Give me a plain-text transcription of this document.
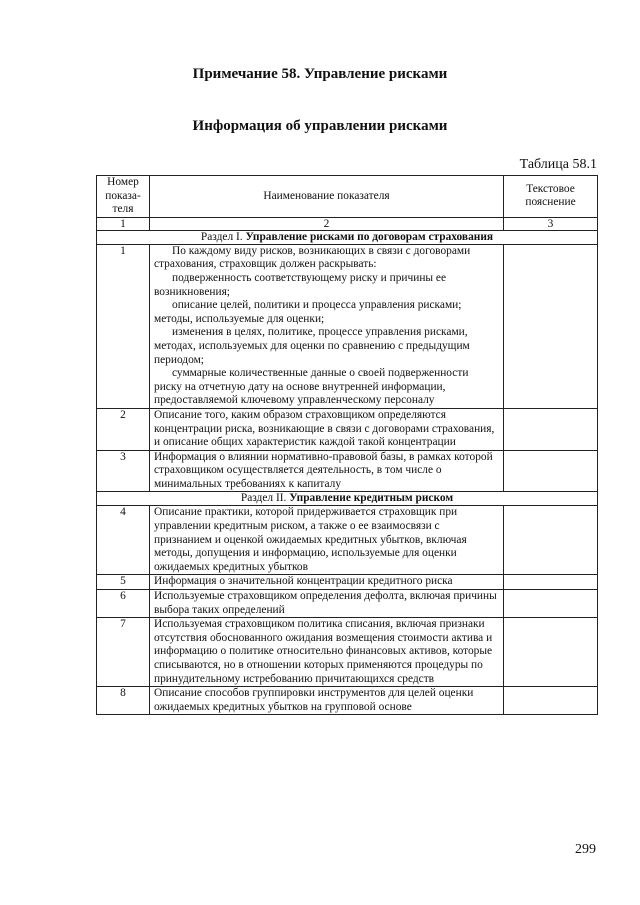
Примечание 58. Управление рисками
Информация об управлении рисками
Таблица 58.1
Номер показа-теля	Наименование показателя	Текстовое пояснение
1	2	3
Раздел I. Управление рисками по договорам страхования		
1	По каждому виду рисков, возникающих в связи с договорами страхования, страховщик должен раскрывать:
подверженность соответствующему риску и причины ее возникновения;
описание целей, политики и процесса управления рисками; методы, используемые для оценки;
изменения в целях, политике, процессе управления рисками, методах, используемых для оценки по сравнению с предыдущим периодом;
суммарные количественные данные о своей подверженности риску на отчетную дату на основе внутренней информации, предоставляемой ключевому управленческому персоналу	

2	Описание того, каким образом страховщиком определяются концентрации риска, возникающие в связи с договорами страхования, и описание общих характеристик каждой такой концентрации	
3	Информация о влиянии нормативно-правовой базы, в рамках которой страховщиком осуществляется деятельность, в том числе о минимальных требованиях к капиталу	
Раздел II. Управление кредитным риском		
4	Описание практики, которой придерживается страховщик при управлении кредитным риском, а также о ее взаимосвязи с признанием и оценкой ожидаемых кредитных убытков, включая методы, допущения и информацию, используемые для оценки ожидаемых кредитных убытков	
5	Информация о значительной концентрации кредитного риска	
6	Используемые страховщиком определения дефолта, включая причины выбора таких определений	
7	Используемая страховщиком политика списания, включая признаки отсутствия обоснованного ожидания возмещения стоимости актива и информацию о политике относительно финансовых активов, которые списываются, но в отношении которых применяются процедуры по принудительному истребованию причитающихся средств	
8	Описание способов группировки инструментов для целей оценки ожидаемых кредитных убытков на групповой основе	
299
